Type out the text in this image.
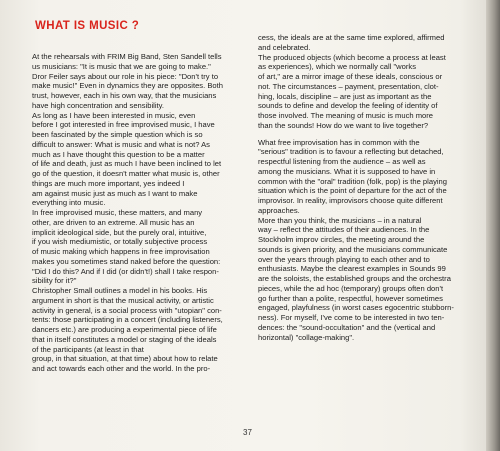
WHAT IS MUSIC ?
At the rehearsals with FRIM Big Band, Sten Sandell tells
us musicians: "It is music that we are going to make."
Dror Feiler says about our role in his piece: "Don't try to
make music!" Even in dynamics they are opposites. Both
trust, however, each in his own way, that the musicians
have high concentration and sensibility.
As long as I have been interested in music, even
before I got interested in free improvised music, I have
been fascinated by the simple question which is so
difficult to answer: What is music and what is not? As
much as I have thought this question to be a matter
of life and death, just as much I have been inclined to let
go of the question, it doesn't matter what music is, other
things are much more important, yes indeed I
am against music just as much as I want to make
everything into music.
In free improvised music, these matters, and many
other, are driven to an extreme. All music has an
implicit ideological side, but the purely oral, intuitive,
if you wish mediumistic, or totally subjective process
of music making which happens in free improvisation
makes you sometimes stand naked before the question:
"Did I do this? And if I did (or didn't!) shall I take respon-
sibility for it?"
Christopher Small outlines a model in his books. His
argument in short is that the musical activity, or artistic
activity in general, is a social process with "utopian" con-
tents: those participating in a concert (including listeners,
dancers etc.) are producing a experimental piece of life
that in itself constitutes a model or staging of the ideals
of the participants (at least in that
group, in that situation, at that time) about how to relate
and act towards each other and the world. In the pro-
cess, the ideals are at the same time explored, affirmed
and celebrated.
The produced objects (which become a process at least
as experiences), which we normally call "works
of art," are a mirror image of these ideals, conscious or
not. The circumstances – payment, presentation, clot-
hing, locals, discipline – are just as important as the
sounds to define and develop the feeling of identity of
those involved. The meaning of music is much more
than the sounds! How do we want to live together?
What free improvisation has in common with the
"serious" tradition is to favour a reflecting but detached,
respectful listening from the audience – as well as
among the musicians. What it is supposed to have in
common with the "oral" tradition (folk, pop) is the playing
situation which is the point of departure for the act of the
improvisor. In reality, improvisors choose quite different
approaches.
More than you think, the musicians – in a natural
way – reflect the attitudes of their audiences. In the
Stockholm improv circles, the meeting around the
sounds is given priority, and the musicians communicate
over the years through playing to each other and to
enthusiasts. Maybe the clearest examples in Sounds 99
are the soloists, the established groups and the orchestra
pieces, while the ad hoc (temporary) groups often don't
go further than a polite, respectful, however sometimes
engaged, playfulness (in worst cases egocentric stubborn-
ness). For myself, I've come to be interested in two ten-
dences: the "sound-occultation" and the (vertical and
horizontal) "collage-making".
37
